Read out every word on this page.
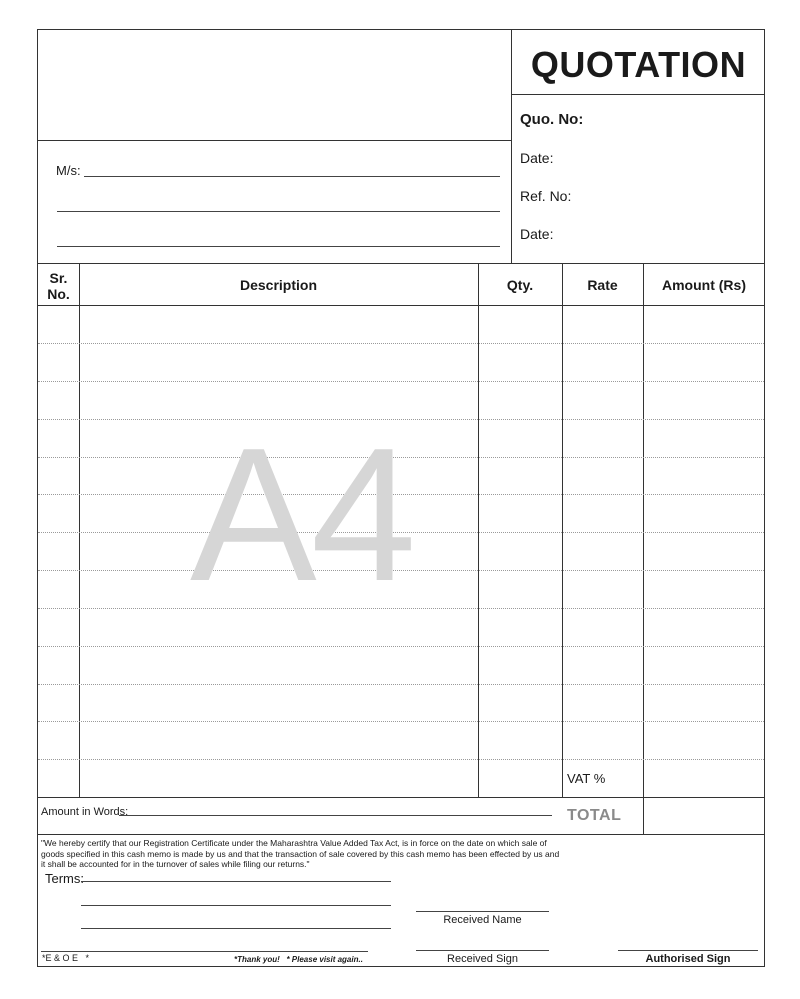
QUOTATION
Quo. No:
Date:
Ref. No:
Date:
M/s:
Sr.
No.
Description	Qty.	Rate	Amount (Rs)
A4
VAT %
Amount in Words:	TOTAL
"We hereby certify that our Registration Certificate under the Maharashtra Value Added Tax Act, is in force on the date on which sale of goods specified in this cash memo is made by us and that the transaction of sale covered by this cash memo has been effected by us and it shall be accounted for in the turnover of sales while filing our returns."
Terms:
Received Name
Received Sign	Authorised Sign
*E & O E   *	*Thank you!   * Please visit again..
